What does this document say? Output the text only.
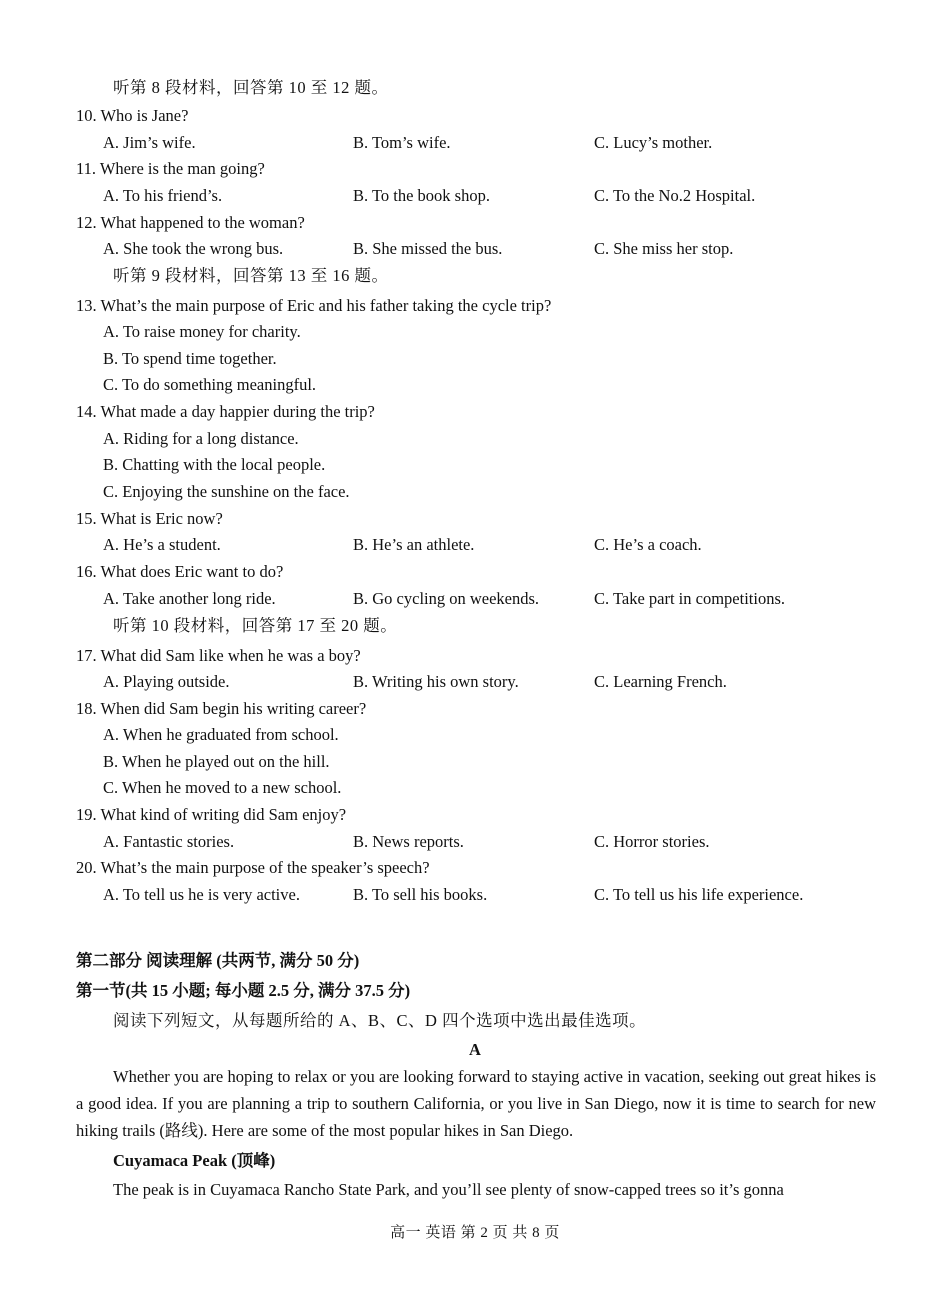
听第 8 段材料，回答第 10 至 12 题。
10. Who is Jane?
A. Jim’s wife.	B. Tom’s wife.	C. Lucy’s mother.
11. Where is the man going?
A. To his friend’s.	B. To the book shop.	C. To the No.2 Hospital.
12. What happened to the woman?
A. She took the wrong bus.	B. She missed the bus.	C. She miss her stop.
听第 9 段材料，回答第 13 至 16 题。
13. What’s the main purpose of Eric and his father taking the cycle trip?
A. To raise money for charity.
B. To spend time together.
C. To do something meaningful.
14. What made a day happier during the trip?
A. Riding for a long distance.
B. Chatting with the local people.
C. Enjoying the sunshine on the face.
15. What is Eric now?
A. He’s a student.	B. He’s an athlete.	C. He’s a coach.
16. What does Eric want to do?
A. Take another long ride.	B. Go cycling on weekends.	C. Take part in competitions.
听第 10 段材料，回答第 17 至 20 题。
17. What did Sam like when he was a boy?
A. Playing outside.	B. Writing his own story.	C. Learning French.
18. When did Sam begin his writing career?
A. When he graduated from school.
B. When he played out on the hill.
C. When he moved to a new school.
19. What kind of writing did Sam enjoy?
A. Fantastic stories.	B. News reports.	C. Horror stories.
20. What’s the main purpose of the speaker’s speech?
A. To tell us he is very active.	B. To sell his books.	C. To tell us his life experience.
第二部分 阅读理解 (共两节, 满分 50 分)
第一节(共 15 小题; 每小题 2.5 分, 满分 37.5 分)
阅读下列短文，从每题所给的 A、B、C、D 四个选项中选出最佳选项。
A
Whether you are hoping to relax or you are looking forward to staying active in vacation, seeking out great hikes is a good idea. If you are planning a trip to southern California, or you live in San Diego, now it is time to search for new hiking trails (路线). Here are some of the most popular hikes in San Diego.
Cuyamaca Peak (顶峰)
The peak is in Cuyamaca Rancho State Park, and you’ll see plenty of snow-capped trees so it’s gonna
高一 英语 第 2 页 共 8 页
